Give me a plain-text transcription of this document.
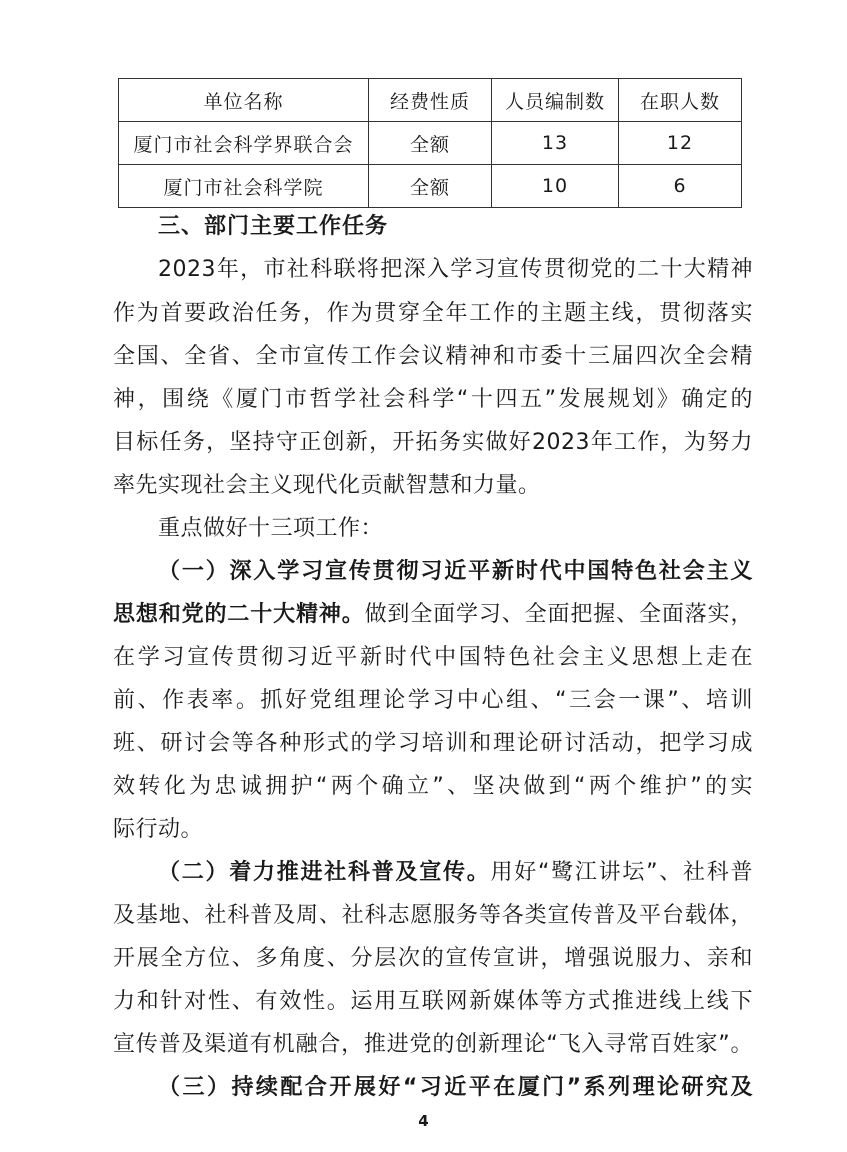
单位名称	经费性质	人员编制数	在职人数
厦门市社会科学界联合会	全额	13	12
厦门市社会科学院	全额	10	6
三、部门主要工作任务
2023年，市社科联将把深入学习宣传贯彻党的二十大精神
作为首要政治任务，作为贯穿全年工作的主题主线，贯彻落实
全国、全省、全市宣传工作会议精神和市委十三届四次全会精
神，围绕《厦门市哲学社会科学“十四五”发展规划》确定的
目标任务，坚持守正创新，开拓务实做好2023年工作，为努力
率先实现社会主义现代化贡献智慧和力量。
重点做好十三项工作：
（一）深入学习宣传贯彻习近平新时代中国特色社会主义
思想和党的二十大精神。做到全面学习、全面把握、全面落实，
在学习宣传贯彻习近平新时代中国特色社会主义思想上走在
前、作表率。抓好党组理论学习中心组、“三会一课”、培训
班、研讨会等各种形式的学习培训和理论研讨活动，把学习成
效转化为忠诚拥护“两个确立”、坚决做到“两个维护”的实
际行动。
（二）着力推进社科普及宣传。用好“鹭江讲坛”、社科普
及基地、社科普及周、社科志愿服务等各类宣传普及平台载体，
开展全方位、多角度、分层次的宣传宣讲，增强说服力、亲和
力和针对性、有效性。运用互联网新媒体等方式推进线上线下
宣传普及渠道有机融合，推进党的创新理论“飞入寻常百姓家”。
（三）持续配合开展好“习近平在厦门”系列理论研究及
4
